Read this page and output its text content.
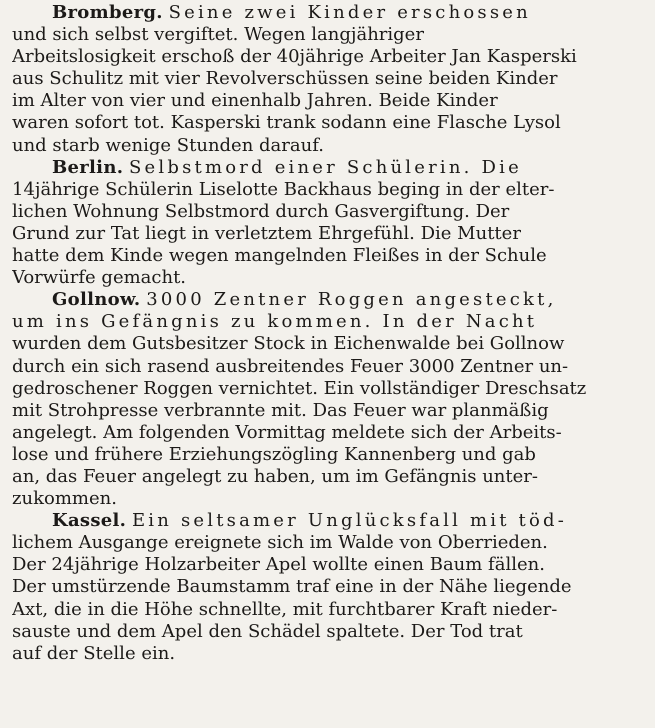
Bromberg. Seine zwei Kinder erschossen
und sich selbst vergiftet. Wegen langjähriger
Arbeitslosigkeit erschoß der 40jährige Arbeiter Jan Kasperski
aus Schulitz mit vier Revolverschüssen seine beiden Kinder
im Alter von vier und einenhalb Jahren. Beide Kinder
waren sofort tot. Kasperski trank sodann eine Flasche Lysol
und starb wenige Stunden darauf.
Berlin. Selbstmord einer Schülerin. Die
14jährige Schülerin Liselotte Backhaus beging in der elter-
lichen Wohnung Selbstmord durch Gasvergiftung. Der
Grund zur Tat liegt in verletztem Ehrgefühl. Die Mutter
hatte dem Kinde wegen mangelnden Fleißes in der Schule
Vorwürfe gemacht.
Gollnow. 3000 Zentner Roggen angesteckt,
um ins Gefängnis zu kommen. In der Nacht
wurden dem Gutsbesitzer Stock in Eichenwalde bei Gollnow
durch ein sich rasend ausbreitendes Feuer 3000 Zentner un-
gedroschener Roggen vernichtet. Ein vollständiger Dreschsatz
mit Strohpresse verbrannte mit. Das Feuer war planmäßig
angelegt. Am folgenden Vormittag meldete sich der Arbeits-
lose und frühere Erziehungszögling Kannenberg und gab
an, das Feuer angelegt zu haben, um im Gefängnis unter-
zukommen.
Kassel. Ein seltsamer Unglücksfall mit töd-
lichem Ausgange ereignete sich im Walde von Oberrieden.
Der 24jährige Holzarbeiter Apel wollte einen Baum fällen.
Der umstürzende Baumstamm traf eine in der Nähe liegende
Axt, die in die Höhe schnellte, mit furchtbarer Kraft nieder-
sauste und dem Apel den Schädel spaltete. Der Tod trat
auf der Stelle ein.
